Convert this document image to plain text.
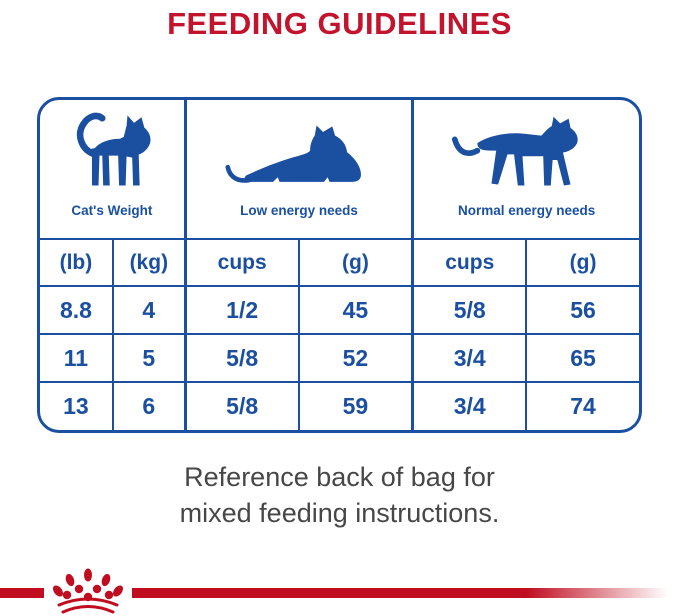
FEEDING GUIDELINES
Cat's Weight	Low energy needs	Normal energy needs
(lb)	(kg)	cups	(g)	cups	(g)
8.8	4	1/2	45	5/8	56
11	5	5/8	52	3/4	65
13	6	5/8	59	3/4	74
Reference back of bag for
mixed feeding instructions.
